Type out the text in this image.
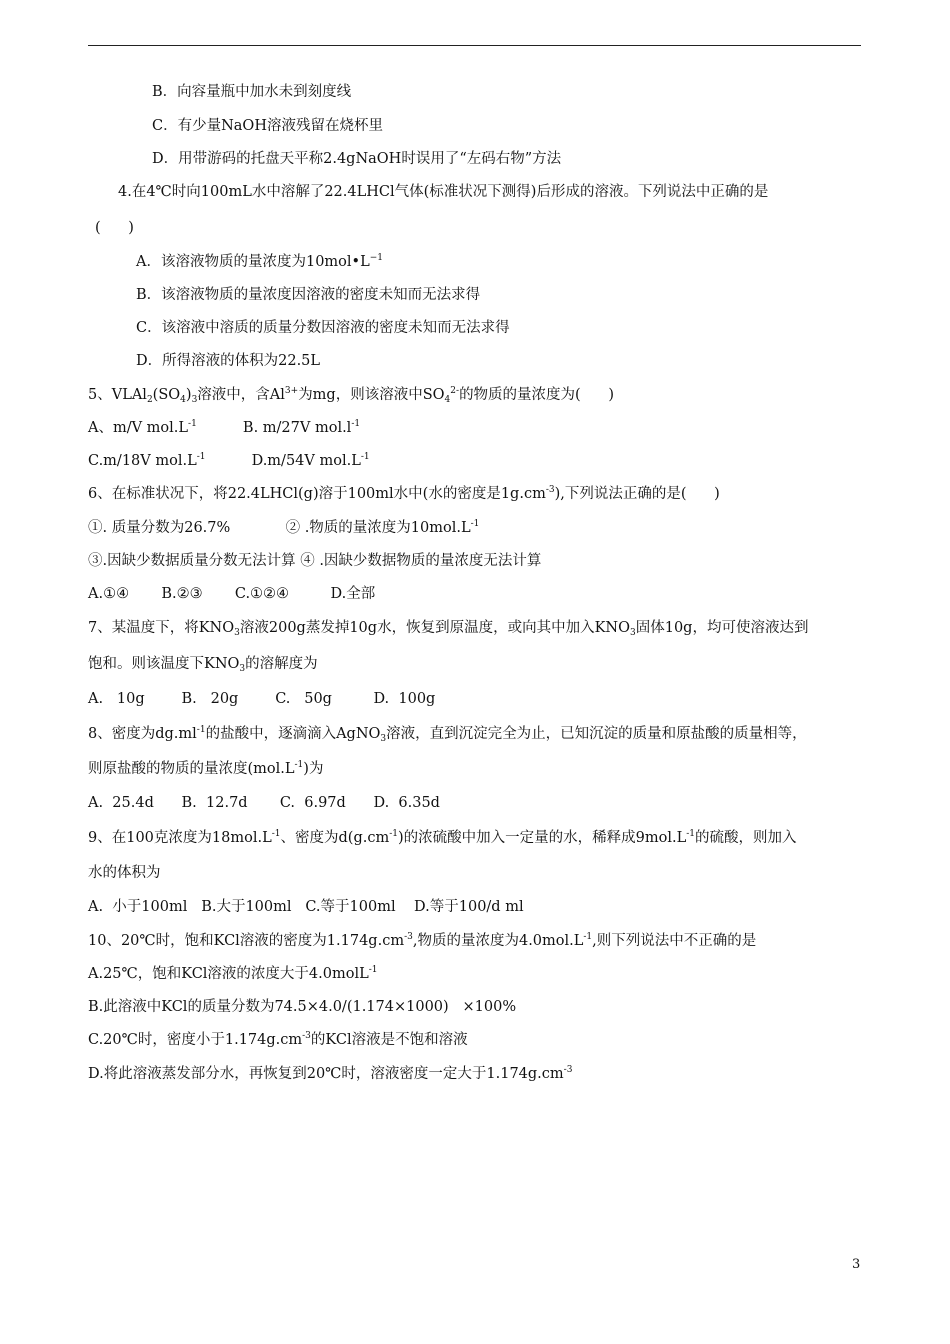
B．向容量瓶中加水未到刻度线
C．有少量NaOH溶液残留在烧杯里
D．用带游码的托盘天平称2.4gNaOH时误用了“左码右物”方法
4.在4℃时向100mL水中溶解了22.4LHCl气体(标准状况下测得)后形成的溶液。下列说法中正确的是
(      )
A．该溶液物质的量浓度为$10mol•L^{-1}$
B．该溶液物质的量浓度因溶液的密度未知而无法求得
C．该溶液中溶质的质量分数因溶液的密度未知而无法求得
D．所得溶液的体积为22.5L
5、$VLAl_2(SO_4)_3$溶液中，含$Al^{3+}$为mg，则该溶液中$SO_4^{2-}$的物质的量浓度为(      )
A、m/V $mol.L^{-1}$          B. m/27V $mol.l^{-1}$
C.m/18V $mol.L^{-1}$          D.m/54V $mol.L^{-1}$
6、在标准状况下，将22.4LHCl(g)溶于100ml水中(水的密度是$1g.cm^{-3}$),下列说法正确的是(      )
①. 质量分数为26.7%            ② .物质的量浓度为$10mol.L^{-1}$
③.因缺少数据质量分数无法计算 ④ .因缺少数据物质的量浓度无法计算
A.①④       B.②③       C.①②④         D.全部
7、某温度下，将$KNO_3$溶液200g蒸发掉10g水，恢复到原温度，或向其中加入$KNO_3$固体10g，均可使溶液达到
饱和。则该温度下$KNO_3$的溶解度为
A.   10g        B.   20g        C.   50g         D.  100g
8、密度为$dg.ml^{-1}$的盐酸中，逐滴滴入AgNO$_3$溶液，直到沉淀完全为止，已知沉淀的质量和原盐酸的质量相等，
则原盐酸的物质的量浓度$(mol.L^{-1})$为
A.  25.4d      B.  12.7d       C.  6.97d      D.  6.35d
9、在100克浓度为$18mol.L^{-1}$、密度为$d(g.cm^{-1})$的浓硫酸中加入一定量的水，稀释成$9mol.L^{-1}$的硫酸，则加入
水的体积为
A.  小于100ml   B.大于100ml   C.等于100ml    D.等于100/d ml
10、20℃时，饱和KCl溶液的密度为$1.174g.cm^{-3}$,物质的量浓度为$4.0mol.L^{-1}$,则下列说法中不正确的是
A.25℃，饱和KCl溶液的浓度大于4.0molL$^{-1}$
B.此溶液中KCl的质量分数为74.5×4.0/(1.174×1000)   ×100%
C.20℃时，密度小于$1.174g.cm^{-3}$的KCl溶液是不饱和溶液
D.将此溶液蒸发部分水，再恢复到20℃时，溶液密度一定大于$1.174g.cm^{-3}$
3
